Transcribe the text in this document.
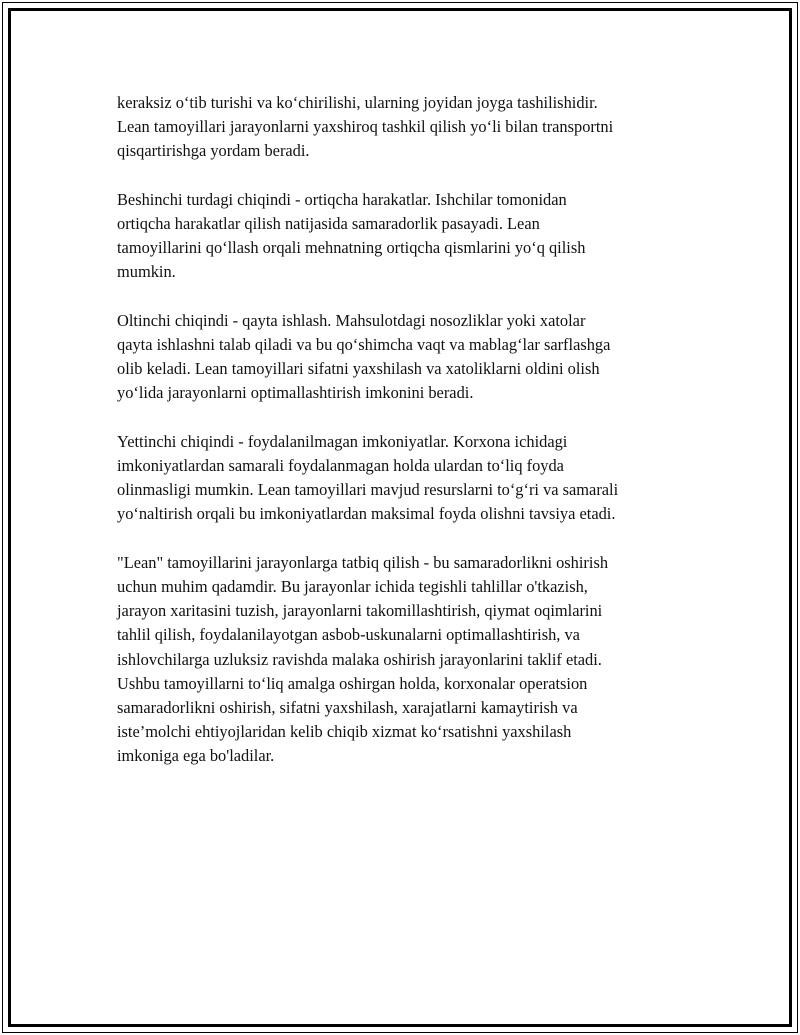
keraksiz o‘tib turishi va ko‘chirilishi, ularning joyidan joyga tashilishidir.
Lean tamoyillari jarayonlarni yaxshiroq tashkil qilish yo‘li bilan transportni
qisqartirishga yordam beradi.

Beshinchi turdagi chiqindi - ortiqcha harakatlar. Ishchilar tomonidan
ortiqcha harakatlar qilish natijasida samaradorlik pasayadi. Lean
tamoyillarini qo‘llash orqali mehnatning ortiqcha qismlarini yo‘q qilish
mumkin.

Oltinchi chiqindi - qayta ishlash. Mahsulotdagi nosozliklar yoki xatolar
qayta ishlashni talab qiladi va bu qo‘shimcha vaqt va mablag‘lar sarflashga
olib keladi. Lean tamoyillari sifatni yaxshilash va xatoliklarni oldini olish
yo‘lida jarayonlarni optimallashtirish imkonini beradi.

Yettinchi chiqindi - foydalanilmagan imkoniyatlar. Korxona ichidagi
imkoniyatlardan samarali foydalanmagan holda ulardan to‘liq foyda
olinmasligi mumkin. Lean tamoyillari mavjud resurslarni to‘g‘ri va samarali
yo‘naltirish orqali bu imkoniyatlardan maksimal foyda olishni tavsiya etadi.

"Lean" tamoyillarini jarayonlarga tatbiq qilish - bu samaradorlikni oshirish
uchun muhim qadamdir. Bu jarayonlar ichida tegishli tahlillar o'tkazish,
jarayon xaritasini tuzish, jarayonlarni takomillashtirish, qiymat oqimlarini
tahlil qilish, foydalanilayotgan asbob-uskunalarni optimallashtirish, va
ishlovchilarga uzluksiz ravishda malaka oshirish jarayonlarini taklif etadi.
Ushbu tamoyillarni to‘liq amalga oshirgan holda, korxonalar operatsion
samaradorlikni oshirish, sifatni yaxshilash, xarajatlarni kamaytirish va
iste’molchi ehtiyojlaridan kelib chiqib xizmat ko‘rsatishni yaxshilash
imkoniga ega bo'ladilar.
